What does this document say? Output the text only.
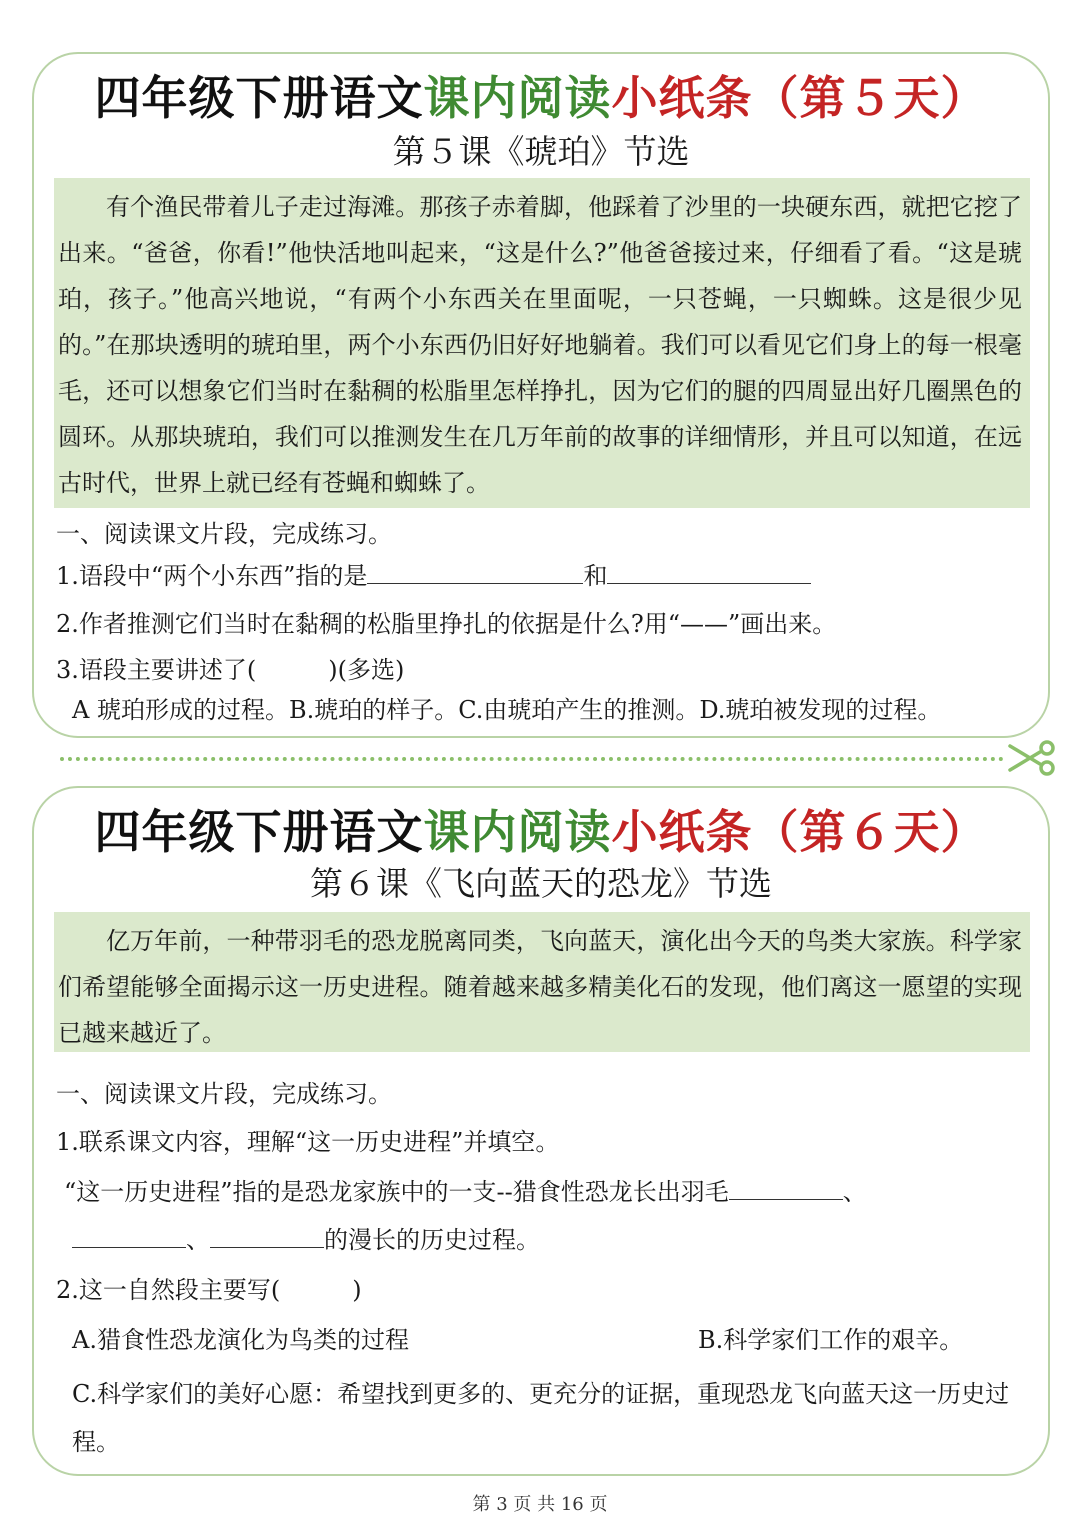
四年级下册语文课内阅读小纸条（第５天）
第５课《琥珀》节选
有个渔民带着儿子走过海滩。那孩子赤着脚，他踩着了沙里的一块硬东西，就把它挖了出来。“爸爸，你看!”他快活地叫起来，“这是什么?”他爸爸接过来，仔细看了看。“这是琥珀，孩子。”他高兴地说，“有两个小东西关在里面呢，一只苍蝇，一只蜘蛛。这是很少见的。”在那块透明的琥珀里，两个小东西仍旧好好地躺着。我们可以看见它们身上的每一根毫毛，还可以想象它们当时在黏稠的松脂里怎样挣扎，因为它们的腿的四周显出好几圈黑色的圆环。从那块琥珀，我们可以推测发生在几万年前的故事的详细情形，并且可以知道，在远古时代，世界上就已经有苍蝇和蜘蛛了。
一、阅读课文片段，完成练习。
1.语段中“两个小东西”指的是	和
2.作者推测它们当时在黏稠的松脂里挣扎的依据是什么?用“——”画出来。
3.语段主要讲述了(　　　)(多选)
A 琥珀形成的过程。B.琥珀的样子。C.由琥珀产生的推测。D.琥珀被发现的过程。
四年级下册语文课内阅读小纸条（第６天）
第６课《飞向蓝天的恐龙》节选
亿万年前，一种带羽毛的恐龙脱离同类，飞向蓝天，演化出今天的鸟类大家族。科学家们希望能够全面揭示这一历史进程。随着越来越多精美化石的发现，他们离这一愿望的实现已越来越近了。
一、阅读课文片段，完成练习。
1.联系课文内容，理解“这一历史进程”并填空。
“这一历史进程”指的是恐龙家族中的一支--猎食性恐龙长出羽毛	、
、	的漫长的历史过程。
2.这一自然段主要写(　　　)
A.猎食性恐龙演化为鸟类的过程	B.科学家们工作的艰辛。
C.科学家们的美好心愿：希望找到更多的、更充分的证据，重现恐龙飞向蓝天这一历史过程。
第 3 页 共 16 页
